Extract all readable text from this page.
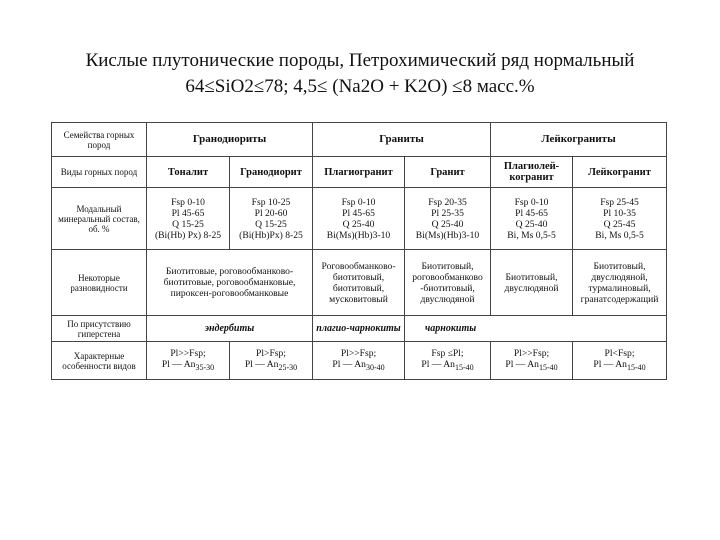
Кислые плутонические породы, Петрохимический ряд нормальный
64≤SiO2≤78; 4,5≤ (Na2O + K2O) ≤8 масс.%
Семейства горных пород	Гранодиориты		Граниты		Лейкограниты	
Виды горных пород	Тоналит	Гранодиорит	Плагиогранит	Гранит	Плагиолей-когранит	Лейкогранит
Модальный минеральный состав, об. %	Fsp 0-10
Pl 45-65
Q 15-25
(Bi(Hb) Px) 8-25	Fsp 10-25
Pl 20-60
Q 15-25
(Bi(Hb)Px) 8-25	Fsp 0-10
Pl 45-65
Q 25-40
Bi(Ms)(Hb)3-10	Fsp 20-35
Pl 25-35
Q 25-40
Bi(Ms)(Hb)3-10	Fsp 0-10
Pl 45-65
Q 25-40
Bi, Ms 0,5-5	Fsp 25-45
Pl 10-35
Q 25-45
Bi, Ms 0,5-5

Некоторые разновидности	Биотитовые, роговообманково-
биотитовые, роговообманковые,
пироксен-роговообманковые		Роговообманково-
биотитовый,
биотитовый,
мусковитовый	Биотитовый,
роговообманково
-биотитовый,
двуслюдяной	Биотитовый,
двуслюдяной	Биотитовый,
двуслюдяной,
турмалиновый,
гранатсодержащий

По присутствию гиперстена	эндербиты		плагио-чарнокиты	чарнокиты		
Характерные особенности видов	Pl>>Fsp;
Pl — $An_{35-30}$	Pl>Fsp;
Pl — $An_{25-30}$	Pl>>Fsp;
Pl — $An_{30-40}$	Fsp ≤Pl;
Pl — $An_{15-40}$	Pl>>Fsp;
Pl — $An_{15-40}$	Pl<Fsp;
Pl — $An_{15-40}$
